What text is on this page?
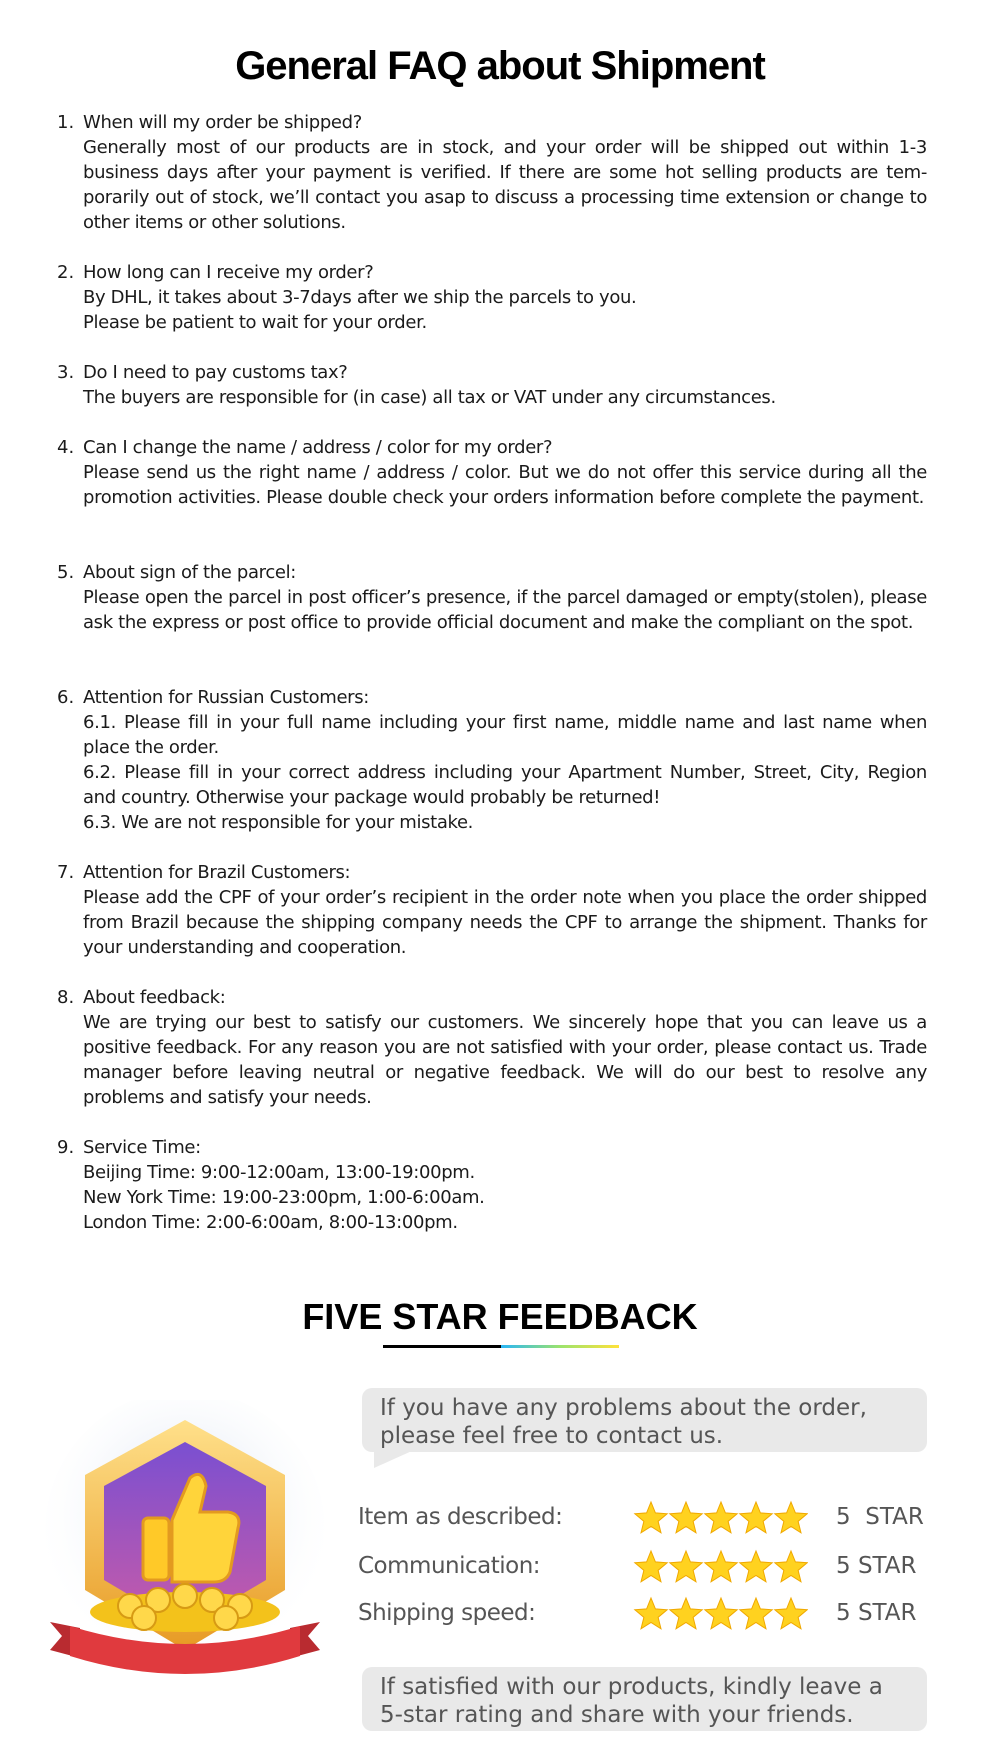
General FAQ about Shipment
1. When will my order be shipped?

Generally most of our products are in stock, and your order will be shipped out within 1-3 business days after your payment is verified. If there are some hot selling products are tem-porarily out of stock, we’ll contact you asap to discuss a processing time extension or change to other items or other solutions.

2. How long can I receive my order?

By DHL, it takes about 3-7days after we ship the parcels to you.

Please be patient to wait for your order.

3. Do I need to pay customs tax?

The buyers are responsible for (in case) all tax or VAT under any circumstances.

4. Can I change the name / address / color for my order?

Please send us the right name / address / color. But we do not offer this service during all the promotion activities. Please double check your orders information before complete the payment.

5. About sign of the parcel:

Please open the parcel in post officer’s presence, if the parcel damaged or empty(stolen), please ask the express or post office to provide official document and make the compliant on the spot.

6. Attention for Russian Customers:

6.1. Please fill in your full name including your first name, middle name and last name when place the order.

6.2. Please fill in your correct address including your Apartment Number, Street, City, Region and country. Otherwise your package would probably be returned!

6.3. We are not responsible for your mistake.

7. Attention for Brazil Customers:

Please add the CPF of your order’s recipient in the order note when you place the order shipped from Brazil because the shipping company needs the CPF to arrange the shipment. Thanks for your understanding and cooperation.

8. About feedback:

We are trying our best to satisfy our customers. We sincerely hope that you can leave us a positive feedback. For any reason you are not satisfied with your order, please contact us. Trade manager before leaving neutral or negative feedback. We will do our best to resolve any problems and satisfy your needs.

9. Service Time:

Beijing Time: 9:00-12:00am, 13:00-19:00pm.

New York Time: 19:00-23:00pm, 1:00-6:00am.

London Time: 2:00-6:00am, 8:00-13:00pm.

FIVE STAR FEEDBACK
If you have any problems about the order, please feel free to contact us.
Item as described:	5  STAR
Communication:	5 STAR
Shipping speed:	5 STAR
If satisfied with our products, kindly leave a 5-star rating and share with your friends.
